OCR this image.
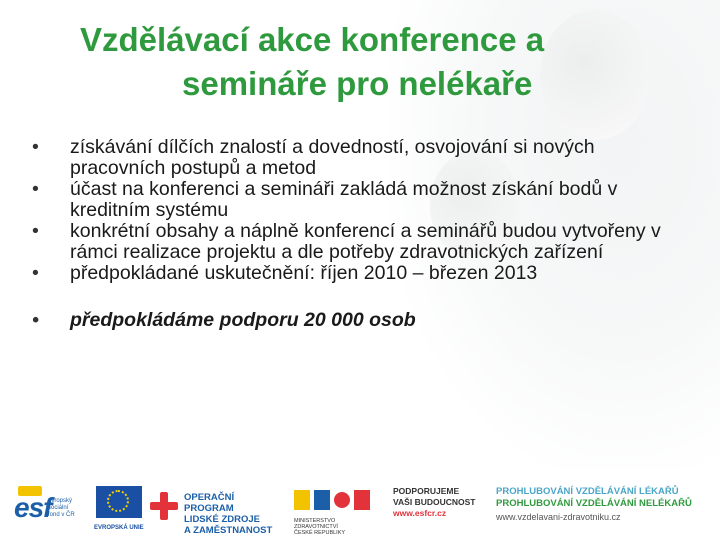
Vzdělávací akce konference a
semináře pro nelékaře
• získávání dílčích znalostí a dovedností, osvojování si nových pracovních postupů a metod
• účast na konferenci a semináři zakládá možnost získání bodů v kreditním systému
• konkrétní obsahy a náplně konferencí a seminářů budou vytvořeny v rámci realizace projektu a dle potřeby zdravotnických zařízení
• předpokládané uskutečnění: říjen 2010 – březen 2013
• předpokládáme podporu 20 000 osob
esf
evropský
sociální
fond v ČR
EVROPSKÁ UNIE
OPERAČNÍ PROGRAM
LIDSKÉ ZDROJE
A ZAMĚSTNANOST
MINISTERSTVO ZDRAVOTNICTVÍ
ČESKÉ REPUBLIKY
PODPORUJEME
VAŠI BUDOUCNOST
www.esfcr.cz
PROHLUBOVÁNÍ VZDĚLÁVÁNÍ LÉKAŘŮ
PROHLUBOVÁNÍ VZDĚLÁVÁNÍ NELÉKAŘŮ
www.vzdelavani-zdravotniku.cz
